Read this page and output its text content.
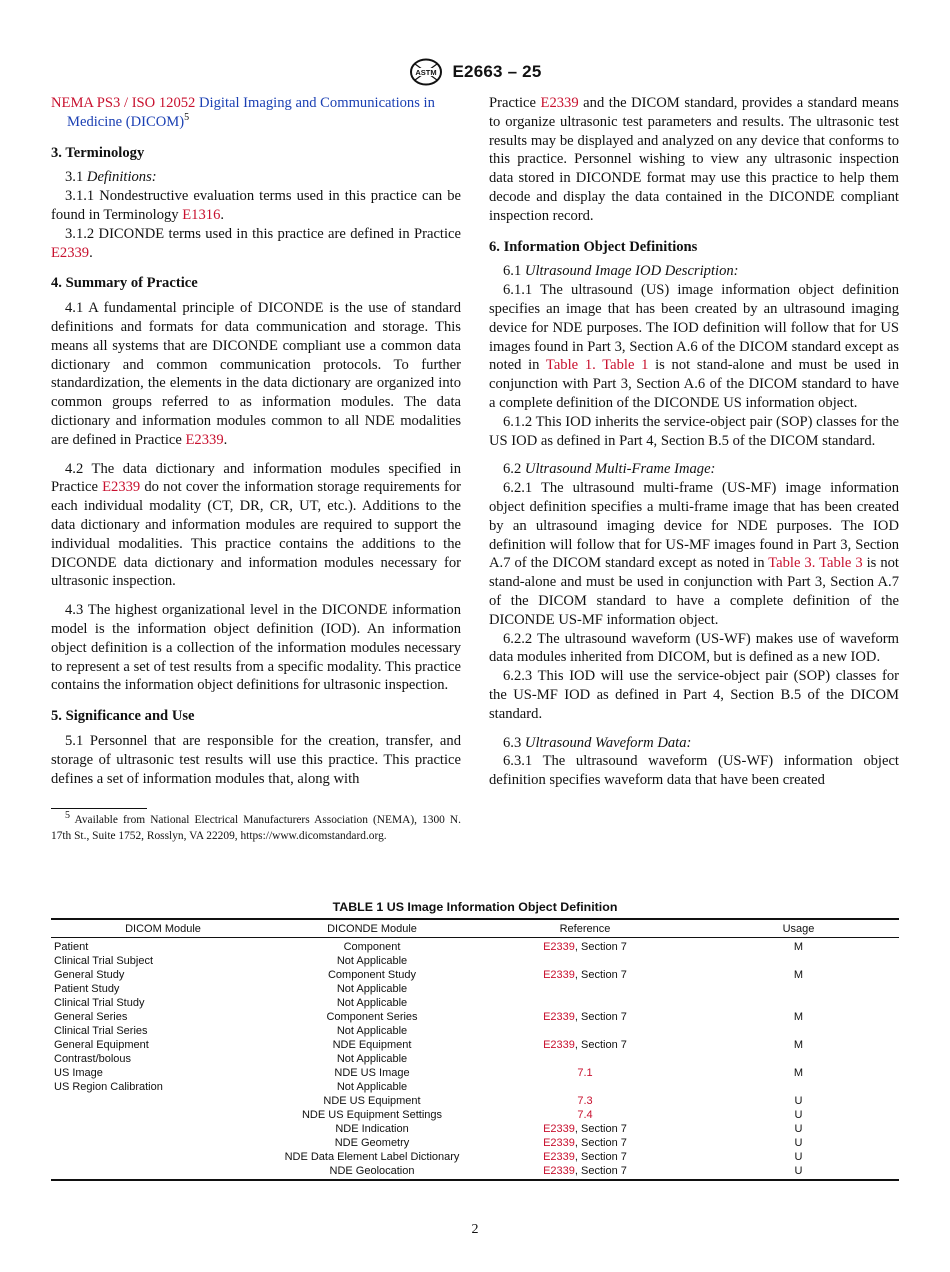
ASTM E2663 – 25

NEMA PS3 / ISO 12052 Digital Imaging and Communications in Medicine (DICOM)$^5$

3. Terminology

3.1 Definitions:

3.1.1 Nondestructive evaluation terms used in this practice can be found in Terminology E1316.

3.1.2 DICONDE terms used in this practice are defined in Practice E2339.

4. Summary of Practice

4.1 A fundamental principle of DICONDE is the use of standard definitions and formats for data communication and storage. This means all systems that are DICONDE compliant use a common data dictionary and common communication protocols. To further standardization, the elements in the data dictionary are organized into common groups referred to as information modules. The data dictionary and information modules common to all NDE modalities are defined in Practice E2339.

4.2 The data dictionary and information modules specified in Practice E2339 do not cover the information storage requirements for each individual modality (CT, DR, CR, UT, etc.). Additions to the data dictionary and information modules are required to support the individual modalities. This practice contains the additions to the DICONDE data dictionary and information modules necessary for ultrasonic inspection.

4.3 The highest organizational level in the DICONDE information model is the information object definition (IOD). An information object definition is a collection of the information modules necessary to represent a set of test results from a specific modality. This practice contains the information object definitions for ultrasonic inspection.

5. Significance and Use

5.1 Personnel that are responsible for the creation, transfer, and storage of ultrasonic test results will use this practice. This practice defines a set of information modules that, along with

$^5$ Available from National Electrical Manufacturers Association (NEMA), 1300 N. 17th St., Suite 1752, Rosslyn, VA 22209, https://www.dicomstandard.org.

Practice E2339 and the DICOM standard, provides a standard means to organize ultrasonic test parameters and results. The ultrasonic test results may be displayed and analyzed on any device that conforms to this practice. Personnel wishing to view any ultrasonic inspection data stored in DICONDE format may use this practice to help them decode and display the data contained in the DICONDE compliant inspection record.

6. Information Object Definitions

6.1 Ultrasound Image IOD Description:

6.1.1 The ultrasound (US) image information object definition specifies an image that has been created by an ultrasound imaging device for NDE purposes. The IOD definition will follow that for US images found in Part 3, Section A.6 of the DICOM standard except as noted in Table 1. Table 1 is not stand-alone and must be used in conjunction with Part 3, Section A.6 of the DICOM standard to have a complete definition of the DICONDE US information object.

6.1.2 This IOD inherits the service-object pair (SOP) classes for the US IOD as defined in Part 4, Section B.5 of the DICOM standard.

6.2 Ultrasound Multi-Frame Image:

6.2.1 The ultrasound multi-frame (US-MF) image information object definition specifies a multi-frame image that has been created by an ultrasound imaging device for NDE purposes. The IOD definition will follow that for US-MF images found in Part 3, Section A.7 of the DICOM standard except as noted in Table 3. Table 3 is not stand-alone and must be used in conjunction with Part 3, Section A.7 of the DICOM standard to have a complete definition of the DICONDE US-MF information object.

6.2.2 The ultrasound waveform (US-WF) makes use of waveform data modules inherited from DICOM, but is defined as a new IOD.

6.2.3 This IOD will use the service-object pair (SOP) classes for the US-MF IOD as defined in Part 4, Section B.5 of the DICOM standard.

6.3 Ultrasound Waveform Data:

6.3.1 The ultrasound waveform (US-WF) information object definition specifies waveform data that have been created

TABLE 1 US Image Information Object Definition
DICOM Module	DICONDE Module	Reference	Usage
Patient	Component	E2339, Section 7	M
Clinical Trial Subject	Not Applicable		
General Study	Component Study	E2339, Section 7	M
Patient Study	Not Applicable		
Clinical Trial Study	Not Applicable		
General Series	Component Series	E2339, Section 7	M
Clinical Trial Series	Not Applicable		
General Equipment	NDE Equipment	E2339, Section 7	M
Contrast/bolous	Not Applicable		
US Image	NDE US Image	7.1	M
US Region Calibration	Not Applicable		
	NDE US Equipment	7.3	U
	NDE US Equipment Settings	7.4	U
	NDE Indication	E2339, Section 7	U
	NDE Geometry	E2339, Section 7	U
	NDE Data Element Label Dictionary	E2339, Section 7	U
	NDE Geolocation	E2339, Section 7	U
2
